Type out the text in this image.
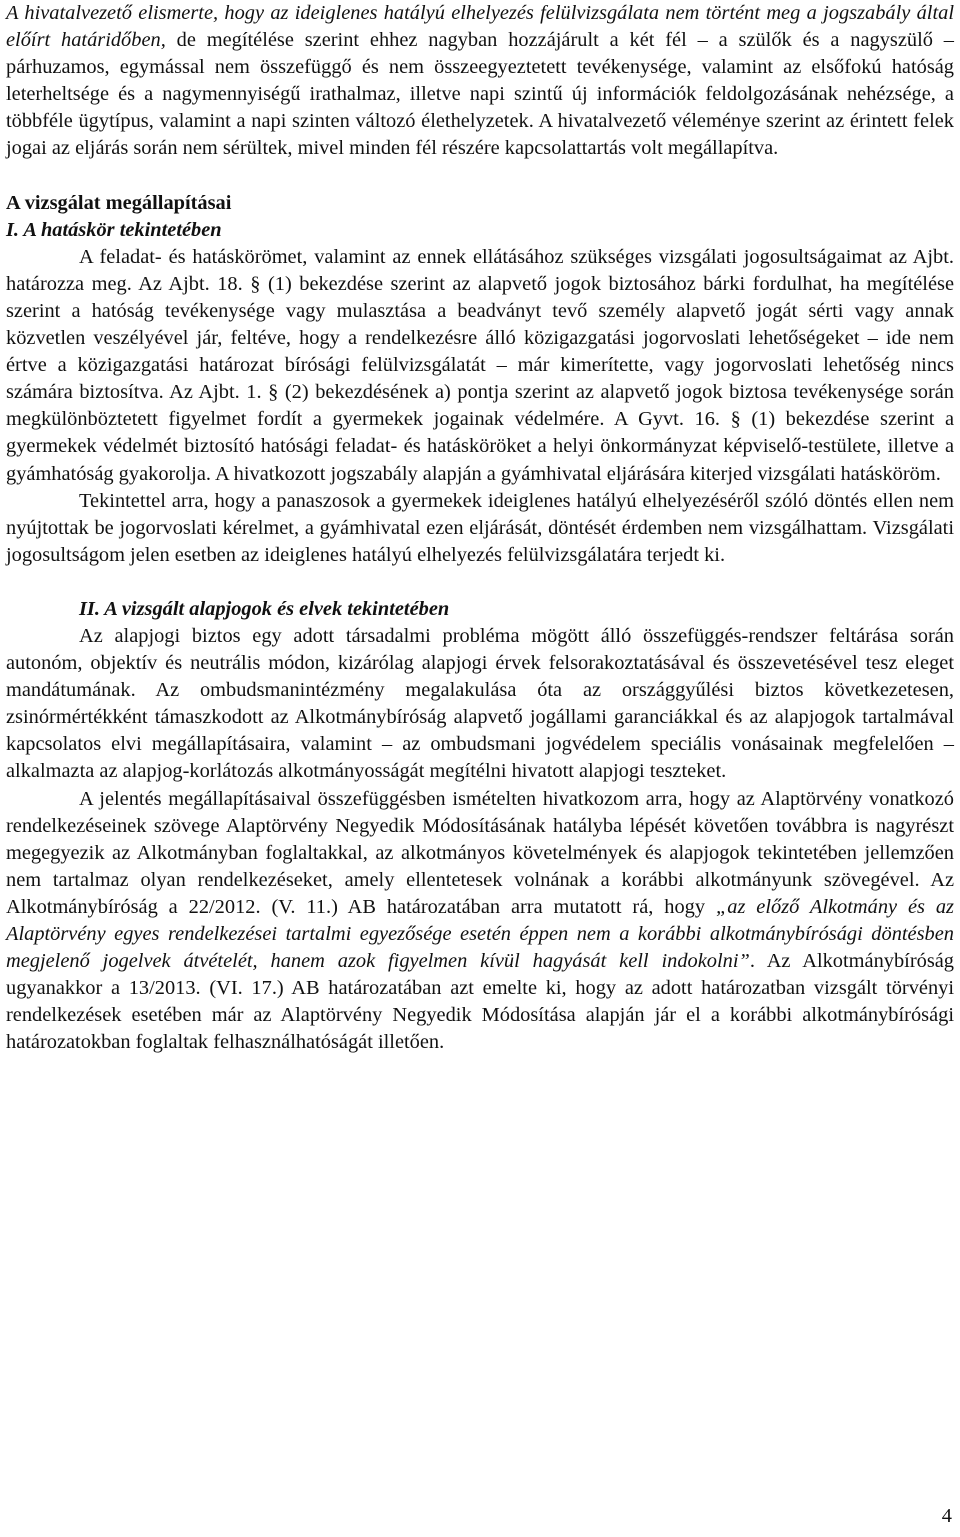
A hivatalvezető elismerte, hogy az ideiglenes hatályú elhelyezés felülvizsgálata nem történt meg a jogszabály által előírt határidőben, de megítélése szerint ehhez nagyban hozzájárult a két fél – a szülők és a nagyszülő – párhuzamos, egymással nem összefüggő és nem összeegyeztetett tevékenysége, valamint az elsőfokú hatóság leterheltsége és a nagymennyiségű irathalmaz, illetve napi szintű új információk feldolgozásának nehézsége, a többféle ügytípus, valamint a napi szinten változó élethelyzetek. A hivatalvezető véleménye szerint az érintett felek jogai az eljárás során nem sérültek, mivel minden fél részére kapcsolattartás volt megállapítva.

A vizsgálat megállapításai

I. A hatáskör tekintetében

A feladat- és hatáskörömet, valamint az ennek ellátásához szükséges vizsgálati jogosultságaimat az Ajbt. határozza meg. Az Ajbt. 18. § (1) bekezdése szerint az alapvető jogok biztosához bárki fordulhat, ha megítélése szerint a hatóság tevékenysége vagy mulasztása a beadványt tevő személy alapvető jogát sérti vagy annak közvetlen veszélyével jár, feltéve, hogy a rendelkezésre álló közigazgatási jogorvoslati lehetőségeket – ide nem értve a közigazgatási határozat bírósági felülvizsgálatát – már kimerítette, vagy jogorvoslati lehetőség nincs számára biztosítva. Az Ajbt. 1. § (2) bekezdésének a) pontja szerint az alapvető jogok biztosa tevékenysége során megkülönböztetett figyelmet fordít a gyermekek jogainak védelmére. A Gyvt. 16. § (1) bekezdése szerint a gyermekek védelmét biztosító hatósági feladat- és hatásköröket a helyi önkormányzat képviselő-testülete, illetve a gyámhatóság gyakorolja. A hivatkozott jogszabály alapján a gyámhivatal eljárására kiterjed vizsgálati hatásköröm.

Tekintettel arra, hogy a panaszosok a gyermekek ideiglenes hatályú elhelyezéséről szóló döntés ellen nem nyújtottak be jogorvoslati kérelmet, a gyámhivatal ezen eljárását, döntését érdemben nem vizsgálhattam. Vizsgálati jogosultságom jelen esetben az ideiglenes hatályú elhelyezés felülvizsgálatára terjedt ki.

II. A vizsgált alapjogok és elvek tekintetében

Az alapjogi biztos egy adott társadalmi probléma mögött álló összefüggés-rendszer feltárása során autonóm, objektív és neutrális módon, kizárólag alapjogi érvek felsorakoztatásával és összevetésével tesz eleget mandátumának. Az ombudsmanintézmény megalakulása óta az országgyűlési biztos következetesen, zsinórmértékként támaszkodott az Alkotmánybíróság alapvető jogállami garanciákkal és az alapjogok tartalmával kapcsolatos elvi megállapításaira, valamint – az ombudsmani jogvédelem speciális vonásainak megfelelően – alkalmazta az alapjog-korlátozás alkotmányosságát megítélni hivatott alapjogi teszteket.

A jelentés megállapításaival összefüggésben ismételten hivatkozom arra, hogy az Alaptörvény vonatkozó rendelkezéseinek szövege Alaptörvény Negyedik Módosításának hatályba lépését követően továbbra is nagyrészt megegyezik az Alkotmányban foglaltakkal, az alkotmányos követelmények és alapjogok tekintetében jellemzően nem tartalmaz olyan rendelkezéseket, amely ellentetesek volnának a korábbi alkotmányunk szövegével. Az Alkotmánybíróság a 22/2012. (V. 11.) AB határozatában arra mutatott rá, hogy „az előző Alkotmány és az Alaptörvény egyes rendelkezései tartalmi egyezősége esetén éppen nem a korábbi alkotmánybírósági döntésben megjelenő jogelvek átvételét, hanem azok figyelmen kívül hagyását kell indokolni”. Az Alkotmánybíróság ugyanakkor a 13/2013. (VI. 17.) AB határozatában azt emelte ki, hogy az adott határozatban vizsgált törvényi rendelkezések esetében már az Alaptörvény Negyedik Módosítása alapján jár el a korábbi alkotmánybírósági határozatokban foglaltak felhasználhatóságát illetően.

4
